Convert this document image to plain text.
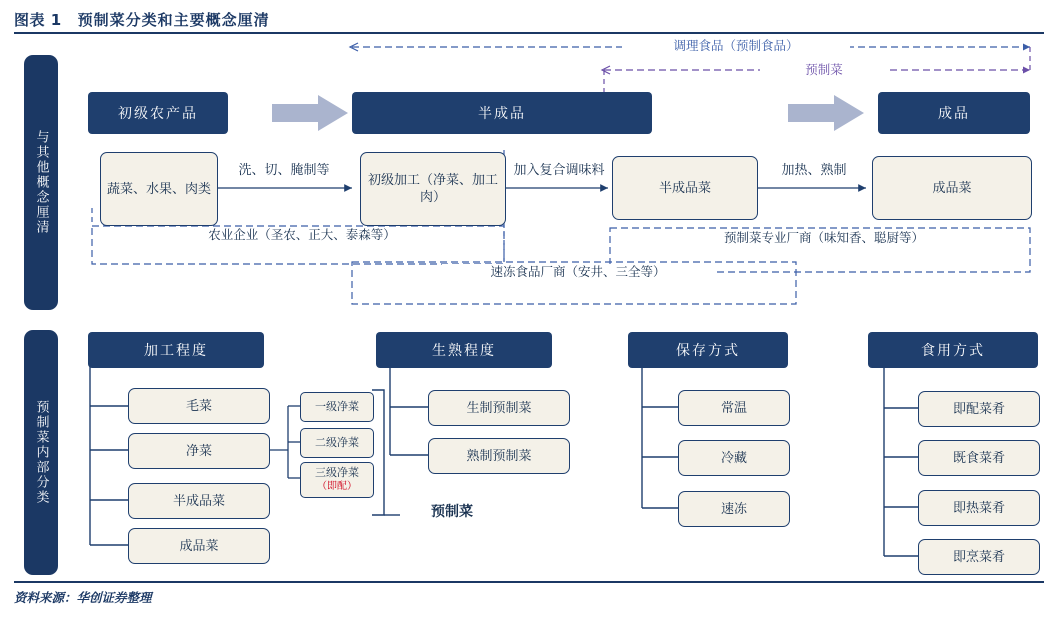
图表 1 预制菜分类和主要概念厘清
资料来源：华创证券整理
与其他概念厘清
预制菜内部分类
初级农产品	半成品	成品
蔬菜、水果、肉类
初级加工（净菜、加工肉）
半成品菜	成品菜
洗、切、腌制等	加入复合调味料	加热、熟制
调理食品（预制食品）
预制菜
农业企业（圣农、正大、泰森等）
速冻食品厂商（安井、三全等）
预制菜专业厂商（味知香、聪厨等）
加工程度	生熟程度	保存方式	食用方式
毛菜
净菜
半成品菜
成品菜
一级净菜
二级净菜
三级净菜
（即配）
预制菜
生制预制菜
熟制预制菜
常温
冷藏
速冻
即配菜肴
既食菜肴
即热菜肴
即烹菜肴
